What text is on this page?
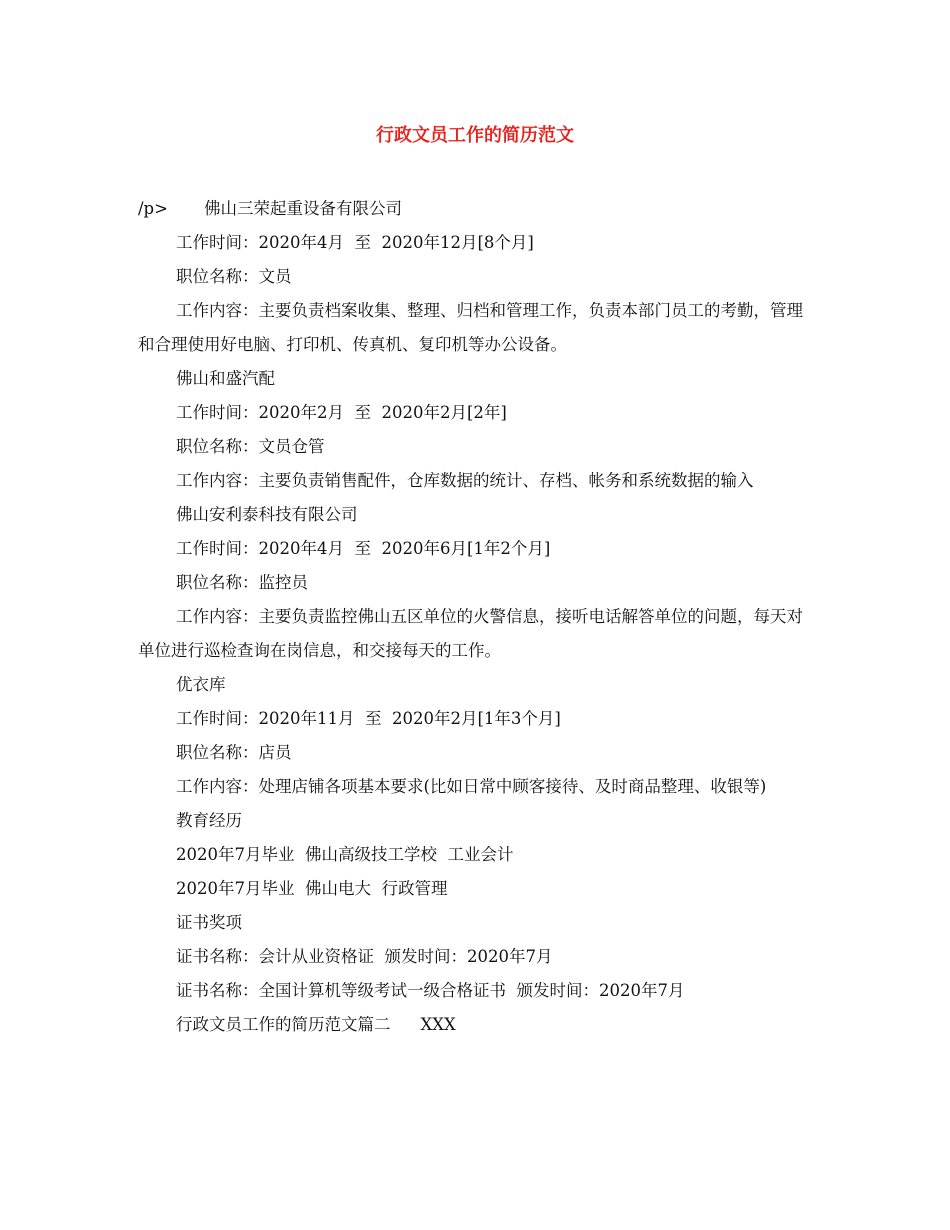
行政文员工作的简历范文
/p> 佛山三荣起重设备有限公司
工作时间：2020年4月  至  2020年12月[8个月]
职位名称：文员
工作内容：主要负责档案收集、整理、归档和管理工作，负责本部门员工的考勤，管理和合理使用好电脑、打印机、传真机、复印机等办公设备。
佛山和盛汽配
工作时间：2020年2月  至  2020年2月[2年]
职位名称：文员仓管
工作内容：主要负责销售配件，仓库数据的统计、存档、帐务和系统数据的输入
佛山安利泰科技有限公司
工作时间：2020年4月  至  2020年6月[1年2个月]
职位名称：监控员
工作内容：主要负责监控佛山五区单位的火警信息，接听电话解答单位的问题，每天对单位进行巡检查询在岗信息，和交接每天的工作。
优衣库
工作时间：2020年11月  至  2020年2月[1年3个月]
职位名称：店员
工作内容：处理店铺各项基本要求(比如日常中顾客接待、及时商品整理、收银等)
教育经历
2020年7月毕业  佛山高级技工学校  工业会计
2020年7月毕业  佛山电大  行政管理
证书奖项
证书名称：会计从业资格证  颁发时间：2020年7月
证书名称：全国计算机等级考试一级合格证书  颁发时间：2020年7月
行政文员工作的简历范文篇二 XXX
